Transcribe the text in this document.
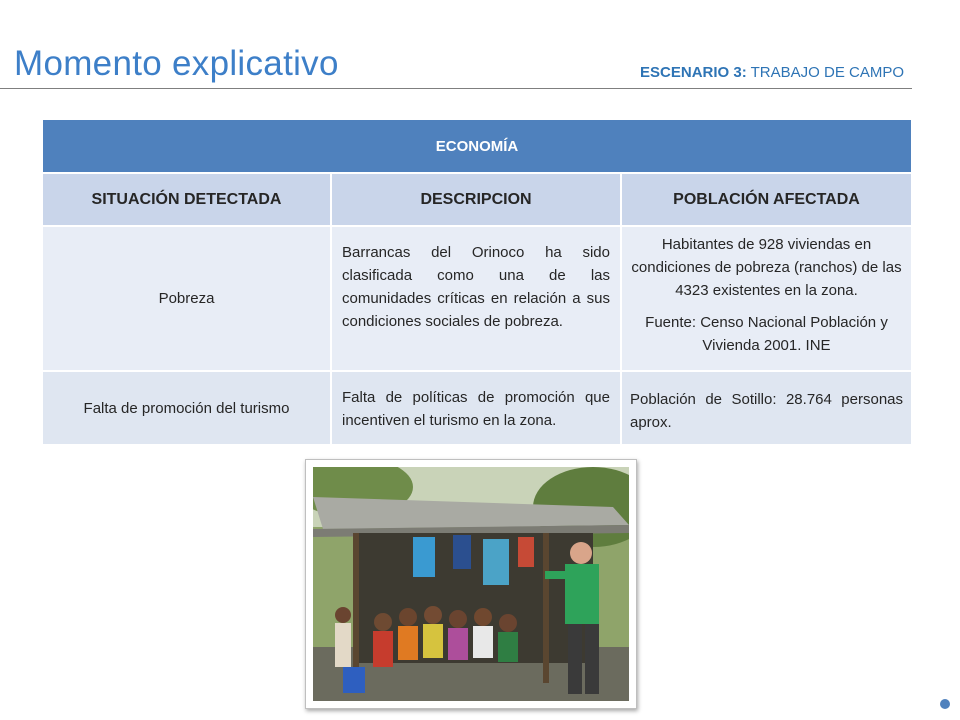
Momento explicativo	ESCENARIO 3: TRABAJO DE CAMPO
ECONOMÍA		
SITUACIÓN DETECTADA	DESCRIPCION	POBLACIÓN AFECTADA
Pobreza	Barrancas del Orinoco ha sido clasificada como una de las comunidades críticas en relación a sus condiciones sociales de pobreza.	Habitantes de 928 viviendas en condiciones de pobreza (ranchos) de las 4323 existentes en la zona.

Fuente: Censo Nacional Población y Vivienda 2001. INE

Falta de promoción del turismo	Falta de políticas de promoción que incentiven el turismo en la zona.	Población de Sotillo: 28.764 personas aprox.
